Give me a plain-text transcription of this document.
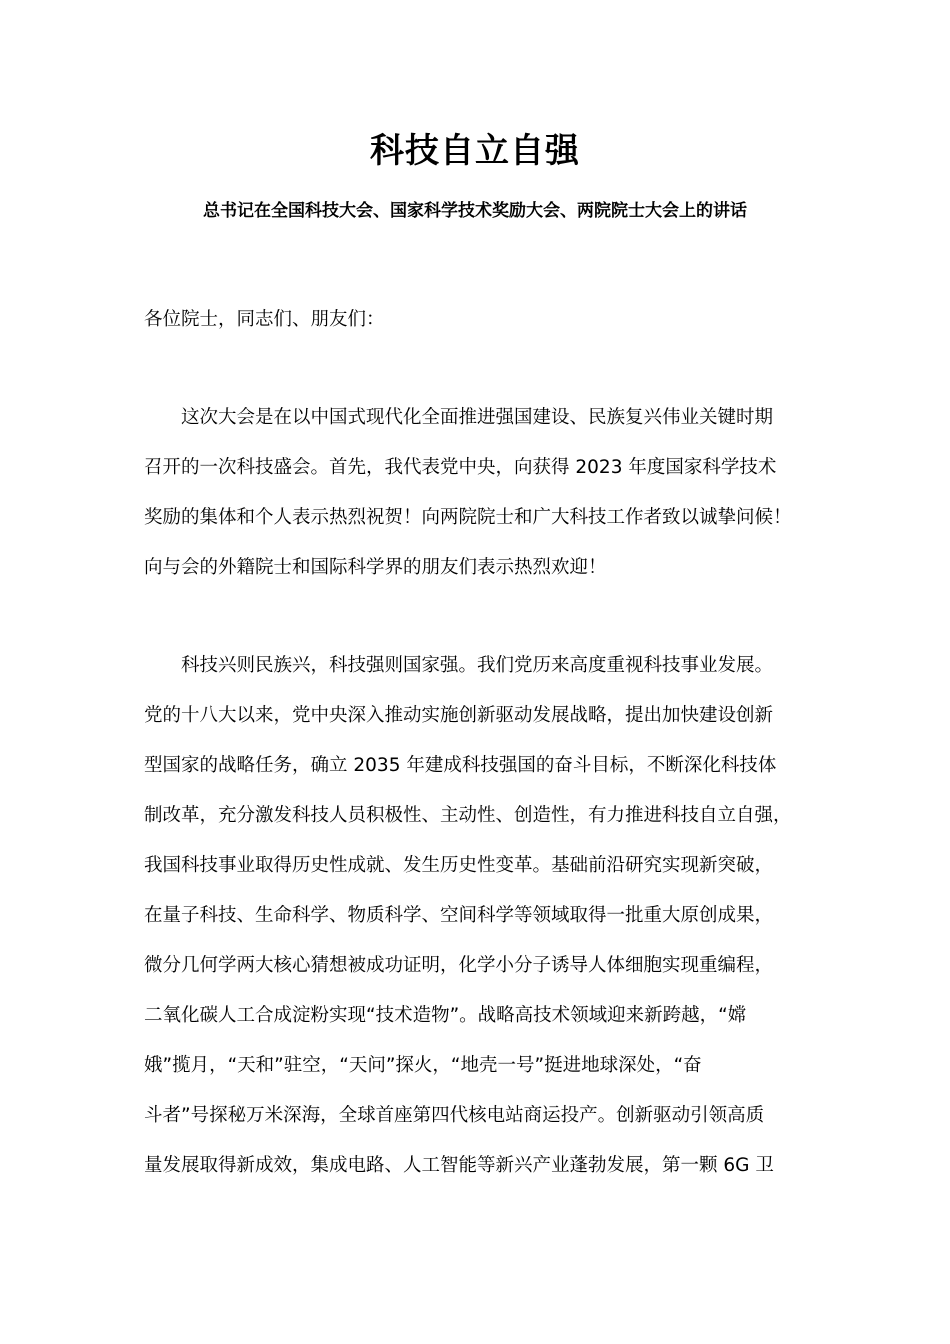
科技自立自强
总书记在全国科技大会、国家科学技术奖励大会、两院院士大会上的讲话
各位院士，同志们、朋友们：
这次大会是在以中国式现代化全面推进强国建设、民族复兴伟业关键时期
召开的一次科技盛会。首先，我代表党中央，向获得 2023 年度国家科学技术
奖励的集体和个人表示热烈祝贺！向两院院士和广大科技工作者致以诚挚问候！
向与会的外籍院士和国际科学界的朋友们表示热烈欢迎！
科技兴则民族兴，科技强则国家强。我们党历来高度重视科技事业发展。
党的十八大以来，党中央深入推动实施创新驱动发展战略，提出加快建设创新
型国家的战略任务，确立 2035 年建成科技强国的奋斗目标，不断深化科技体
制改革，充分激发科技人员积极性、主动性、创造性，有力推进科技自立自强，
我国科技事业取得历史性成就、发生历史性变革。基础前沿研究实现新突破，
在量子科技、生命科学、物质科学、空间科学等领域取得一批重大原创成果，
微分几何学两大核心猜想被成功证明，化学小分子诱导人体细胞实现重编程，
二氧化碳人工合成淀粉实现“技术造物”。战略高技术领域迎来新跨越，“嫦
娥”揽月，“天和”驻空，“天问”探火，“地壳一号”挺进地球深处，“奋
斗者”号探秘万米深海，全球首座第四代核电站商运投产。创新驱动引领高质
量发展取得新成效，集成电路、人工智能等新兴产业蓬勃发展，第一颗 6G 卫
